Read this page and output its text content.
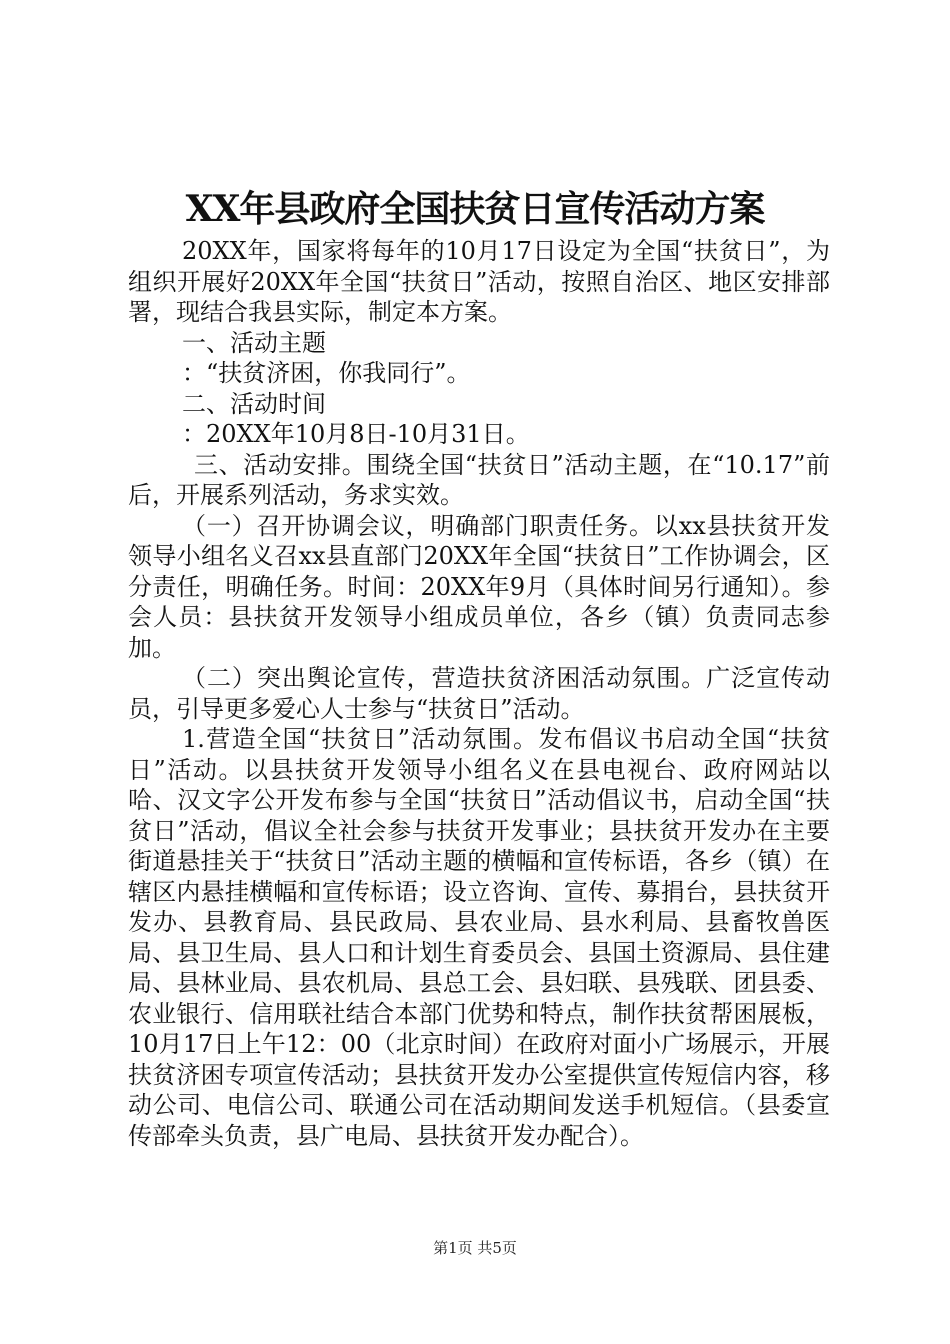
XX年县政府全国扶贫日宣传活动方案

20XX年，国家将每年的10月17日设定为全国“扶贫日”，为组织开展好20XX年全国“扶贫日”活动，按照自治区、地区安排部署，现结合我县实际，制定本方案。

一、活动主题

：“扶贫济困，你我同行”。

二、活动时间

：20XX年10月8日-10月31日。

三、活动安排。围绕全国“扶贫日”活动主题，在“10.17”前后，开展系列活动，务求实效。

（一）召开协调会议，明确部门职责任务。以xx县扶贫开发领导小组名义召xx县直部门20XX年全国“扶贫日”工作协调会，区分责任，明确任务。时间：20XX年9月（具体时间另行通知）。参会人员：县扶贫开发领导小组成员单位，各乡（镇）负责同志参加。

（二）突出舆论宣传，营造扶贫济困活动氛围。广泛宣传动员，引导更多爱心人士参与“扶贫日”活动。

1.营造全国“扶贫日”活动氛围。发布倡议书启动全国“扶贫日”活动。以县扶贫开发领导小组名义在县电视台、政府网站以哈、汉文字公开发布参与全国“扶贫日”活动倡议书，启动全国“扶贫日”活动，倡议全社会参与扶贫开发事业；县扶贫开发办在主要街道悬挂关于“扶贫日”活动主题的横幅和宣传标语，各乡（镇）在辖区内悬挂横幅和宣传标语；设立咨询、宣传、募捐台，县扶贫开发办、县教育局、县民政局、县农业局、县水利局、县畜牧兽医局、县卫生局、县人口和计划生育委员会、县国土资源局、县住建局、县林业局、县农机局、县总工会、县妇联、县残联、团县委、农业银行、信用联社结合本部门优势和特点，制作扶贫帮困展板，10月17日上午12：00（北京时间）在政府对面小广场展示，开展扶贫济困专项宣传活动；县扶贫开发办公室提供宣传短信内容，移动公司、电信公司、联通公司在活动期间发送手机短信。（县委宣传部牵头负责，县广电局、县扶贫开发办配合）。

第1页 共5页
